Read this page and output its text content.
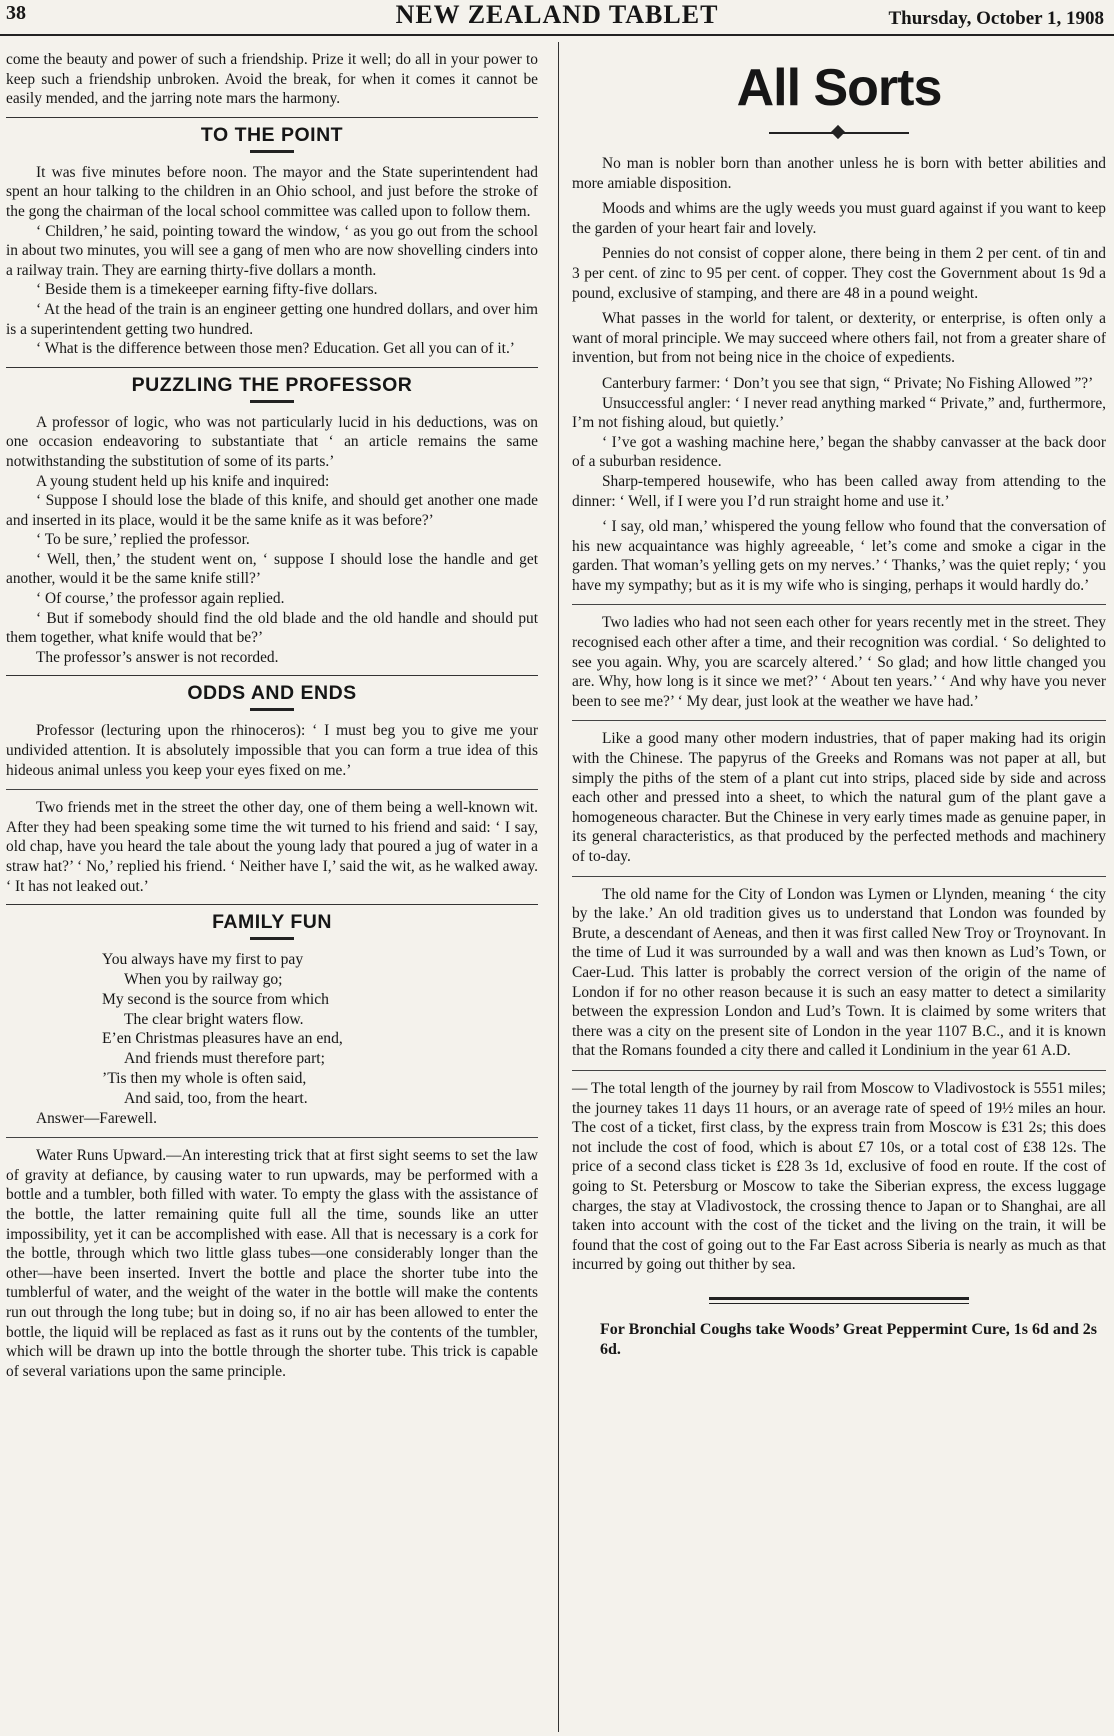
38	NEW ZEALAND TABLET	Thursday, October 1, 1908

come the beauty and power of such a friendship. Prize it well; do all in your power to keep such a friendship unbroken. Avoid the break, for when it comes it cannot be easily mended, and the jarring note mars the harmony.

TO THE POINT

It was five minutes before noon. The mayor and the State superintendent had spent an hour talking to the children in an Ohio school, and just before the stroke of the gong the chairman of the local school committee was called upon to follow them.

‘ Children,’ he said, pointing toward the window, ‘ as you go out from the school in about two minutes, you will see a gang of men who are now shovelling cinders into a railway train. They are earning thirty-five dollars a month.

‘ Beside them is a timekeeper earning fifty-five dollars.

‘ At the head of the train is an engineer getting one hundred dollars, and over him is a superintendent getting two hundred.

‘ What is the difference between those men? Education. Get all you can of it.’

PUZZLING THE PROFESSOR

A professor of logic, who was not particularly lucid in his deductions, was on one occasion endeavoring to substantiate that ‘ an article remains the same notwithstanding the substitution of some of its parts.’

A young student held up his knife and inquired:

‘ Suppose I should lose the blade of this knife, and should get another one made and inserted in its place, would it be the same knife as it was before?’

‘ To be sure,’ replied the professor.

‘ Well, then,’ the student went on, ‘ suppose I should lose the handle and get another, would it be the same knife still?’

‘ Of course,’ the professor again replied.

‘ But if somebody should find the old blade and the old handle and should put them together, what knife would that be?’

The professor’s answer is not recorded.

ODDS AND ENDS

Professor (lecturing upon the rhinoceros): ‘ I must beg you to give me your undivided attention. It is absolutely impossible that you can form a true idea of this hideous animal unless you keep your eyes fixed on me.’

Two friends met in the street the other day, one of them being a well-known wit. After they had been speaking some time the wit turned to his friend and said: ‘ I say, old chap, have you heard the tale about the young lady that poured a jug of water in a straw hat?’ ‘ No,’ replied his friend. ‘ Neither have I,’ said the wit, as he walked away. ‘ It has not leaked out.’

FAMILY FUN
You always have my first to pay
When you by railway go;
My second is the source from which
The clear bright waters flow.
E’en Christmas pleasures have an end,
And friends must therefore part;
’Tis then my whole is often said,
And said, too, from the heart.
Answer—Farewell.

Water Runs Upward.—An interesting trick that at first sight seems to set the law of gravity at defiance, by causing water to run upwards, may be performed with a bottle and a tumbler, both filled with water. To empty the glass with the assistance of the bottle, the latter remaining quite full all the time, sounds like an utter impossibility, yet it can be accomplished with ease. All that is necessary is a cork for the bottle, through which two little glass tubes—one considerably longer than the other—have been inserted. Invert the bottle and place the shorter tube into the tumblerful of water, and the weight of the water in the bottle will make the contents run out through the long tube; but in doing so, if no air has been allowed to enter the bottle, the liquid will be replaced as fast as it runs out by the contents of the tumbler, which will be drawn up into the bottle through the shorter tube. This trick is capable of several variations upon the same principle.

All Sorts

No man is nobler born than another unless he is born with better abilities and more amiable disposition.

Moods and whims are the ugly weeds you must guard against if you want to keep the garden of your heart fair and lovely.

Pennies do not consist of copper alone, there being in them 2 per cent. of tin and 3 per cent. of zinc to 95 per cent. of copper. They cost the Government about 1s 9d a pound, exclusive of stamping, and there are 48 in a pound weight.

What passes in the world for talent, or dexterity, or enterprise, is often only a want of moral principle. We may succeed where others fail, not from a greater share of invention, but from not being nice in the choice of expedients.

Canterbury farmer: ‘ Don’t you see that sign, “ Private; No Fishing Allowed ”?’

Unsuccessful angler: ‘ I never read anything marked “ Private,” and, furthermore, I’m not fishing aloud, but quietly.’

‘ I’ve got a washing machine here,’ began the shabby canvasser at the back door of a suburban residence.

Sharp-tempered housewife, who has been called away from attending to the dinner: ‘ Well, if I were you I’d run straight home and use it.’

‘ I say, old man,’ whispered the young fellow who found that the conversation of his new acquaintance was highly agreeable, ‘ let’s come and smoke a cigar in the garden. That woman’s yelling gets on my nerves.’ ‘ Thanks,’ was the quiet reply; ‘ you have my sympathy; but as it is my wife who is singing, perhaps it would hardly do.’

Two ladies who had not seen each other for years recently met in the street. They recognised each other after a time, and their recognition was cordial. ‘ So delighted to see you again. Why, you are scarcely altered.’ ‘ So glad; and how little changed you are. Why, how long is it since we met?’ ‘ About ten years.’ ‘ And why have you never been to see me?’ ‘ My dear, just look at the weather we have had.’

Like a good many other modern industries, that of paper making had its origin with the Chinese. The papyrus of the Greeks and Romans was not paper at all, but simply the piths of the stem of a plant cut into strips, placed side by side and across each other and pressed into a sheet, to which the natural gum of the plant gave a homogeneous character. But the Chinese in very early times made as genuine paper, in its general characteristics, as that produced by the perfected methods and machinery of to-day.

The old name for the City of London was Lymen or Llynden, meaning ‘ the city by the lake.’ An old tradition gives us to understand that London was founded by Brute, a descendant of Aeneas, and then it was first called New Troy or Troynovant. In the time of Lud it was surrounded by a wall and was then known as Lud’s Town, or Caer-Lud. This latter is probably the correct version of the origin of the name of London if for no other reason because it is such an easy matter to detect a similarity between the expression London and Lud’s Town. It is claimed by some writers that there was a city on the present site of London in the year 1107 B.C., and it is known that the Romans founded a city there and called it Londinium in the year 61 A.D.

— The total length of the journey by rail from Moscow to Vladivostock is 5551 miles; the journey takes 11 days 11 hours, or an average rate of speed of 19½ miles an hour. The cost of a ticket, first class, by the express train from Moscow is £31 2s; this does not include the cost of food, which is about £7 10s, or a total cost of £38 12s. The price of a second class ticket is £28 3s 1d, exclusive of food en route. If the cost of going to St. Petersburg or Moscow to take the Siberian express, the excess luggage charges, the stay at Vladivostock, the crossing thence to Japan or to Shanghai, are all taken into account with the cost of the ticket and the living on the train, it will be found that the cost of going out to the Far East across Siberia is nearly as much as that incurred by going out thither by sea.

For Bronchial Coughs take Woods’ Great Peppermint Cure, 1s 6d and 2s 6d.
